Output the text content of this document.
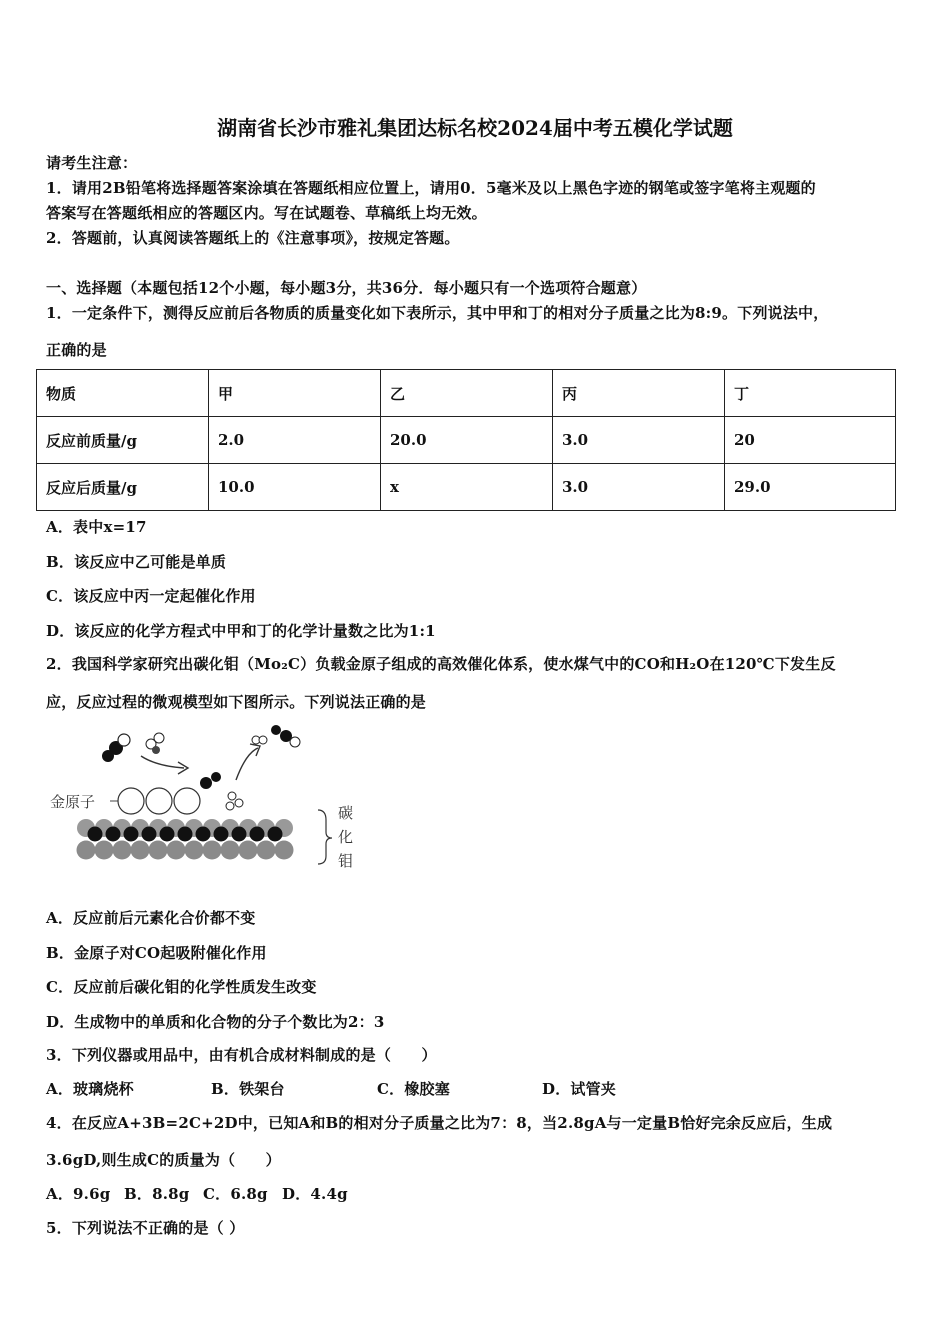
湖南省长沙市雅礼集团达标名校2024届中考五模化学试题
请考生注意：
1．请用2B铅笔将选择题答案涂填在答题纸相应位置上，请用0．5毫米及以上黑色字迹的钢笔或签字笔将主观题的
答案写在答题纸相应的答题区内。写在试题卷、草稿纸上均无效。
2．答题前，认真阅读答题纸上的《注意事项》，按规定答题。
一、选择题（本题包括12个小题，每小题3分，共36分．每小题只有一个选项符合题意）
1．一定条件下，测得反应前后各物质的质量变化如下表所示，其中甲和丁的相对分子质量之比为8:9。下列说法中，
正确的是
物质	甲	乙	丙	丁
反应前质量/g	2.0	20.0	3.0	20
反应后质量/g	10.0	x	3.0	29.0
A．表中x=17
B．该反应中乙可能是单质
C．该反应中丙一定起催化作用
D．该反应的化学方程式中甲和丁的化学计量数之比为1:1
2．我国科学家研究出碳化钼（Mo₂C）负载金原子组成的高效催化体系，使水煤气中的CO和H₂O在120℃下发生反
应，反应过程的微观模型如下图所示。下列说法正确的是
金原子
碳
化
钼
A．反应前后元素化合价都不变
B．金原子对CO起吸附催化作用
C．反应前后碳化钼的化学性质发生改变
D．生成物中的单质和化合物的分子个数比为2：3
3．下列仪器或用品中，由有机合成材料制成的是（　　）
A．玻璃烧杯	B．铁架台	C．橡胶塞	D．试管夹
4．在反应A+3B=2C+2D中，已知A和B的相对分子质量之比为7：8，当2.8gA与一定量B恰好完余反应后，生成
3.6gD,则生成C的质量为（　　）
A．9.6g B．8.8g C．6.8g D．4.4g
5．下列说法不正确的是（ ）
